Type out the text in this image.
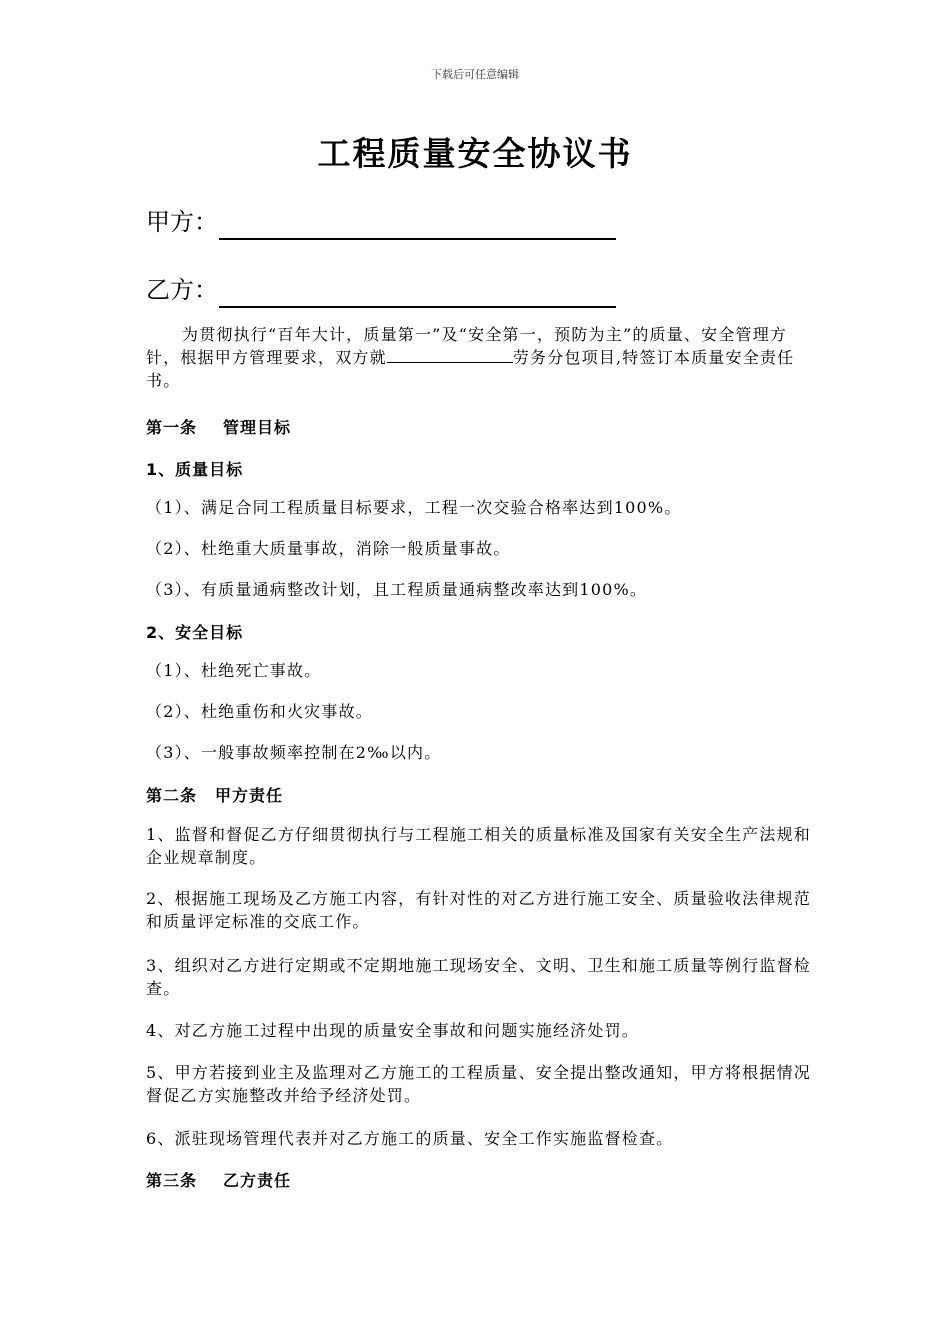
下载后可任意编辑
工程质量安全协议书
甲方：
乙方：
为贯彻执行“百年大计，质量第一”及“安全第一，预防为主”的质量、安全管理方针，根据甲方管理要求，双方就	劳务分包项目,特签订本质量安全责任书。
第一条 管理目标
1、质量目标
（1）、满足合同工程质量目标要求，工程一次交验合格率达到100%。
（2）、杜绝重大质量事故，消除一般质量事故。
（3）、有质量通病整改计划，且工程质量通病整改率达到100%。
2、安全目标
（1）、杜绝死亡事故。
（2）、杜绝重伤和火灾事故。
（3）、一般事故频率控制在2‰以内。
第二条 甲方责任
1、监督和督促乙方仔细贯彻执行与工程施工相关的质量标准及国家有关安全生产法规和企业规章制度。
2、根据施工现场及乙方施工内容，有针对性的对乙方进行施工安全、质量验收法律规范和质量评定标准的交底工作。
3、组织对乙方进行定期或不定期地施工现场安全、文明、卫生和施工质量等例行监督检查。
4、对乙方施工过程中出现的质量安全事故和问题实施经济处罚。
5、甲方若接到业主及监理对乙方施工的工程质量、安全提出整改通知，甲方将根据情况督促乙方实施整改并给予经济处罚。
6、派驻现场管理代表并对乙方施工的质量、安全工作实施监督检查。
第三条 乙方责任
